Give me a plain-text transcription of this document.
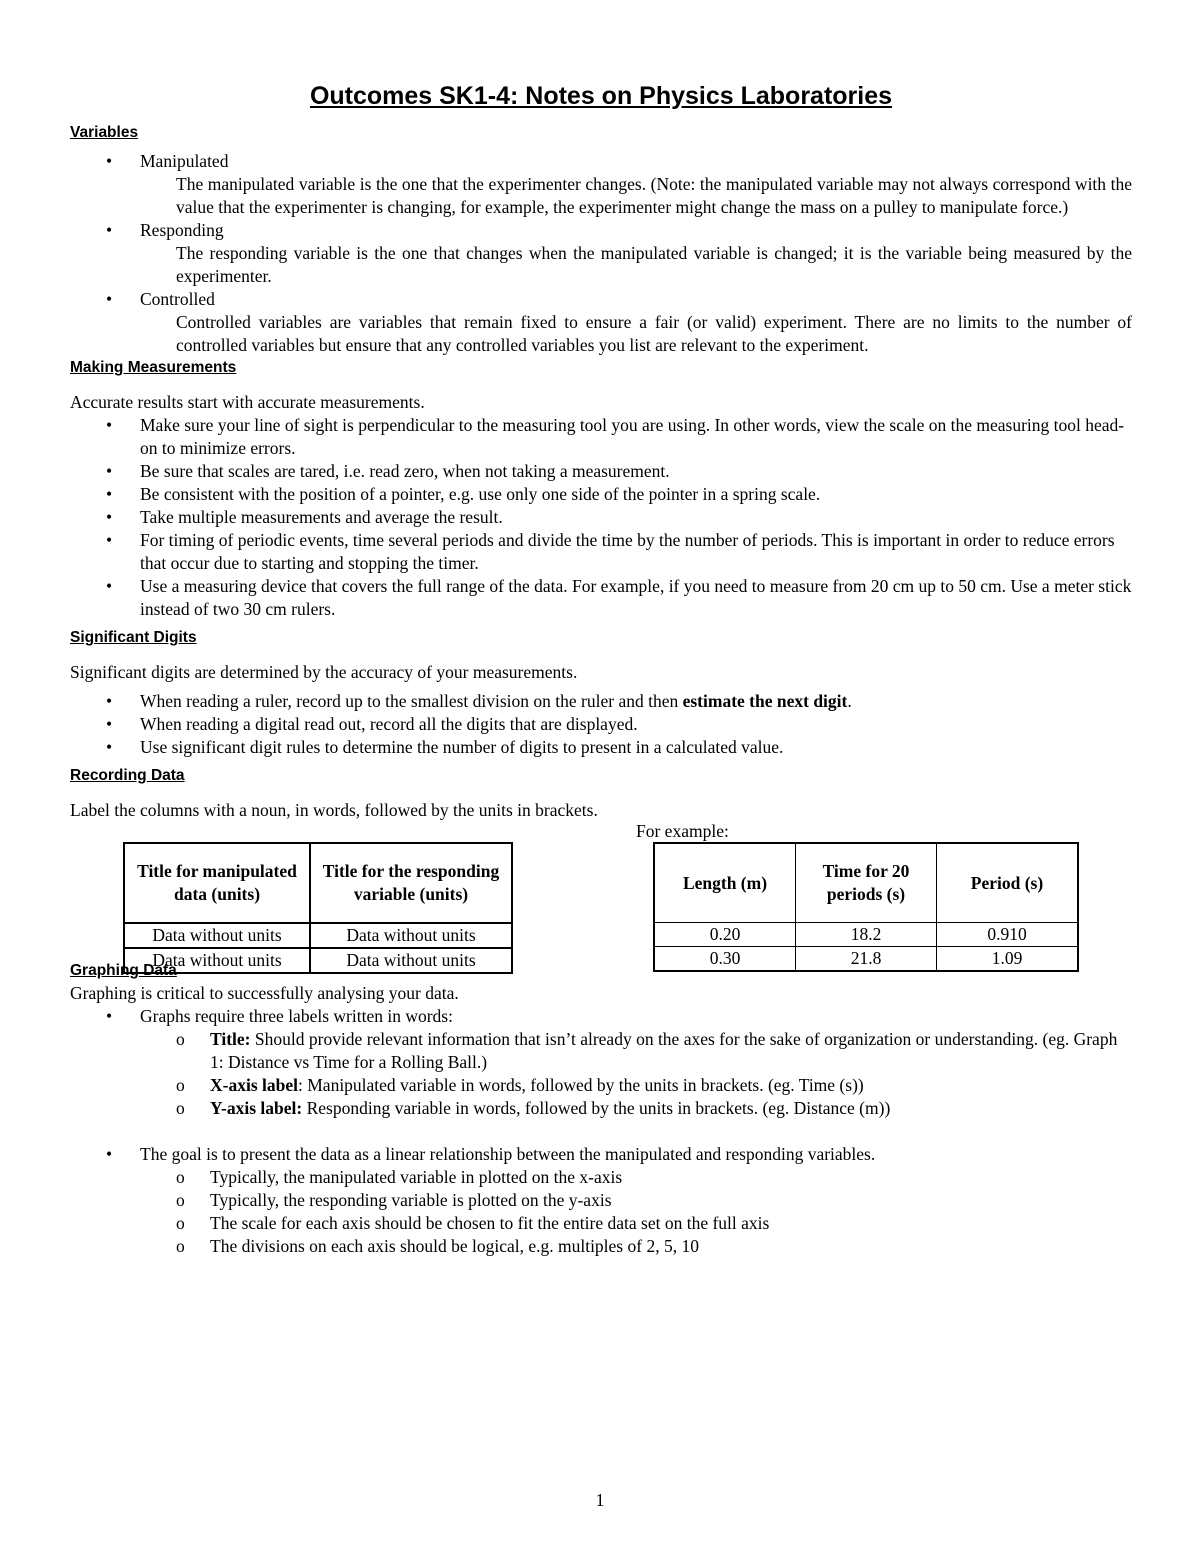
Outcomes SK1-4: Notes on Physics Laboratories
Variables
• Manipulated
The manipulated variable is the one that the experimenter changes. (Note: the manipulated variable may not always correspond with the value that the experimenter is changing, for example, the experimenter might change the mass on a pulley to manipulate force.)
• Responding
The responding variable is the one that changes when the manipulated variable is changed; it is the variable being measured by the experimenter.
• Controlled
Controlled variables are variables that remain fixed to ensure a fair (or valid) experiment. There are no limits to the number of controlled variables but ensure that any controlled variables you list are relevant to the experiment.
Making Measurements

Accurate results start with accurate measurements.

• Make sure your line of sight is perpendicular to the measuring tool you are using. In other words, view the scale on the measuring tool head-on to minimize errors.
• Be sure that scales are tared, i.e. read zero, when not taking a measurement.
• Be consistent with the position of a pointer, e.g. use only one side of the pointer in a spring scale.
• Take multiple measurements and average the result.
• For timing of periodic events, time several periods and divide the time by the number of periods. This is important in order to reduce errors that occur due to starting and stopping the timer.
• Use a measuring device that covers the full range of the data. For example, if you need to measure from 20 cm up to 50 cm. Use a meter stick instead of two 30 cm rulers.
Significant Digits

Significant digits are determined by the accuracy of your measurements.

• When reading a ruler, record up to the smallest division on the ruler and then estimate the next digit.
• When reading a digital read out, record all the digits that are displayed.
• Use significant digit rules to determine the number of digits to present in a calculated value.
Recording Data

Label the columns with a noun, in words, followed by the units in brackets.

For example:
Title for manipulated data (units)	Title for the responding variable (units)
Data without units	Data without units
Data without units	Data without units
Length (m)	Time for 20 periods (s)	Period (s)
0.20	18.2	0.910
0.30	21.8	1.09
Graphing Data

Graphing is critical to successfully analysing your data.

• Graphs require three labels written in words:
o Title: Should provide relevant information that isn’t already on the axes for the sake of organization or understanding. (eg. Graph 1: Distance vs Time for a Rolling Ball.)
o X-axis label: Manipulated variable in words, followed by the units in brackets. (eg. Time (s))
o Y-axis label: Responding variable in words, followed by the units in brackets. (eg. Distance (m))
• The goal is to present the data as a linear relationship between the manipulated and responding variables.
o Typically, the manipulated variable in plotted on the x-axis
o Typically, the responding variable is plotted on the y-axis
o The scale for each axis should be chosen to fit the entire data set on the full axis
o The divisions on each axis should be logical, e.g. multiples of 2, 5, 10
1
